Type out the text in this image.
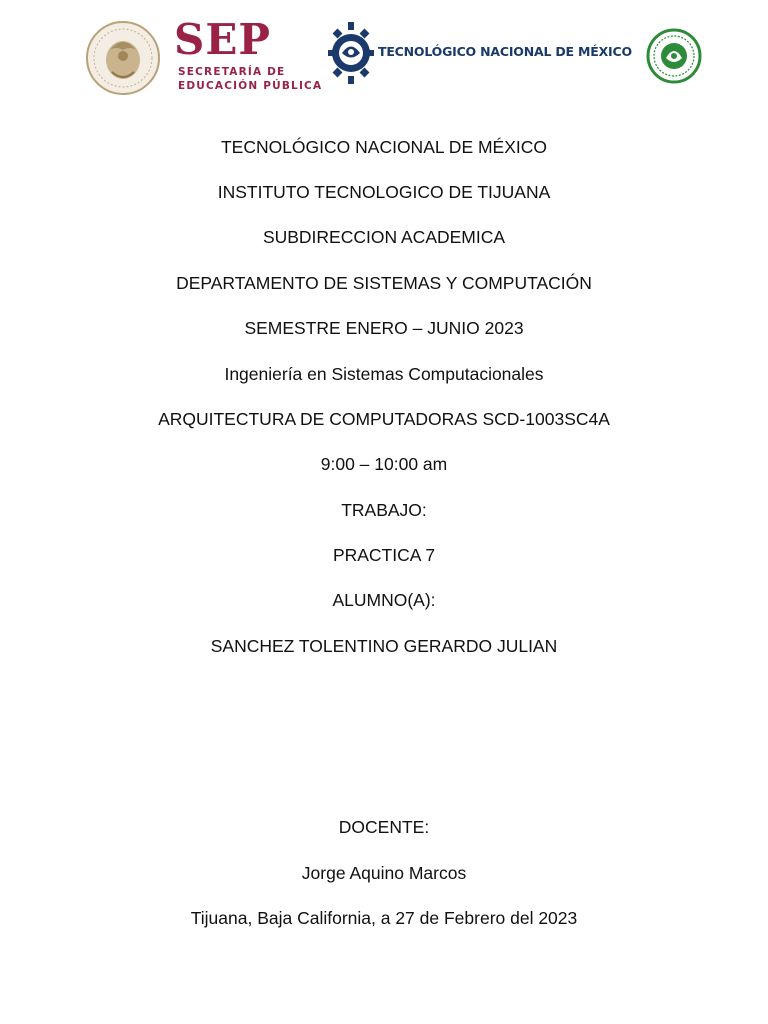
SEP
SECRETARÍA DE
EDUCACIÓN PÚBLICA
TECNOLÓGICO NACIONAL DE MÉXICO
TECNOLÓGICO NACIONAL DE MÉXICO
INSTITUTO TECNOLOGICO DE TIJUANA
SUBDIRECCION ACADEMICA
DEPARTAMENTO DE SISTEMAS Y COMPUTACIÓN
SEMESTRE ENERO – JUNIO 2023
Ingeniería en Sistemas Computacionales
ARQUITECTURA DE COMPUTADORAS SCD-1003SC4A
9:00 – 10:00 am
TRABAJO:
PRACTICA 7
ALUMNO(A):
SANCHEZ TOLENTINO GERARDO JULIAN
DOCENTE:
Jorge Aquino Marcos
Tijuana, Baja California, a 27 de Febrero del 2023
